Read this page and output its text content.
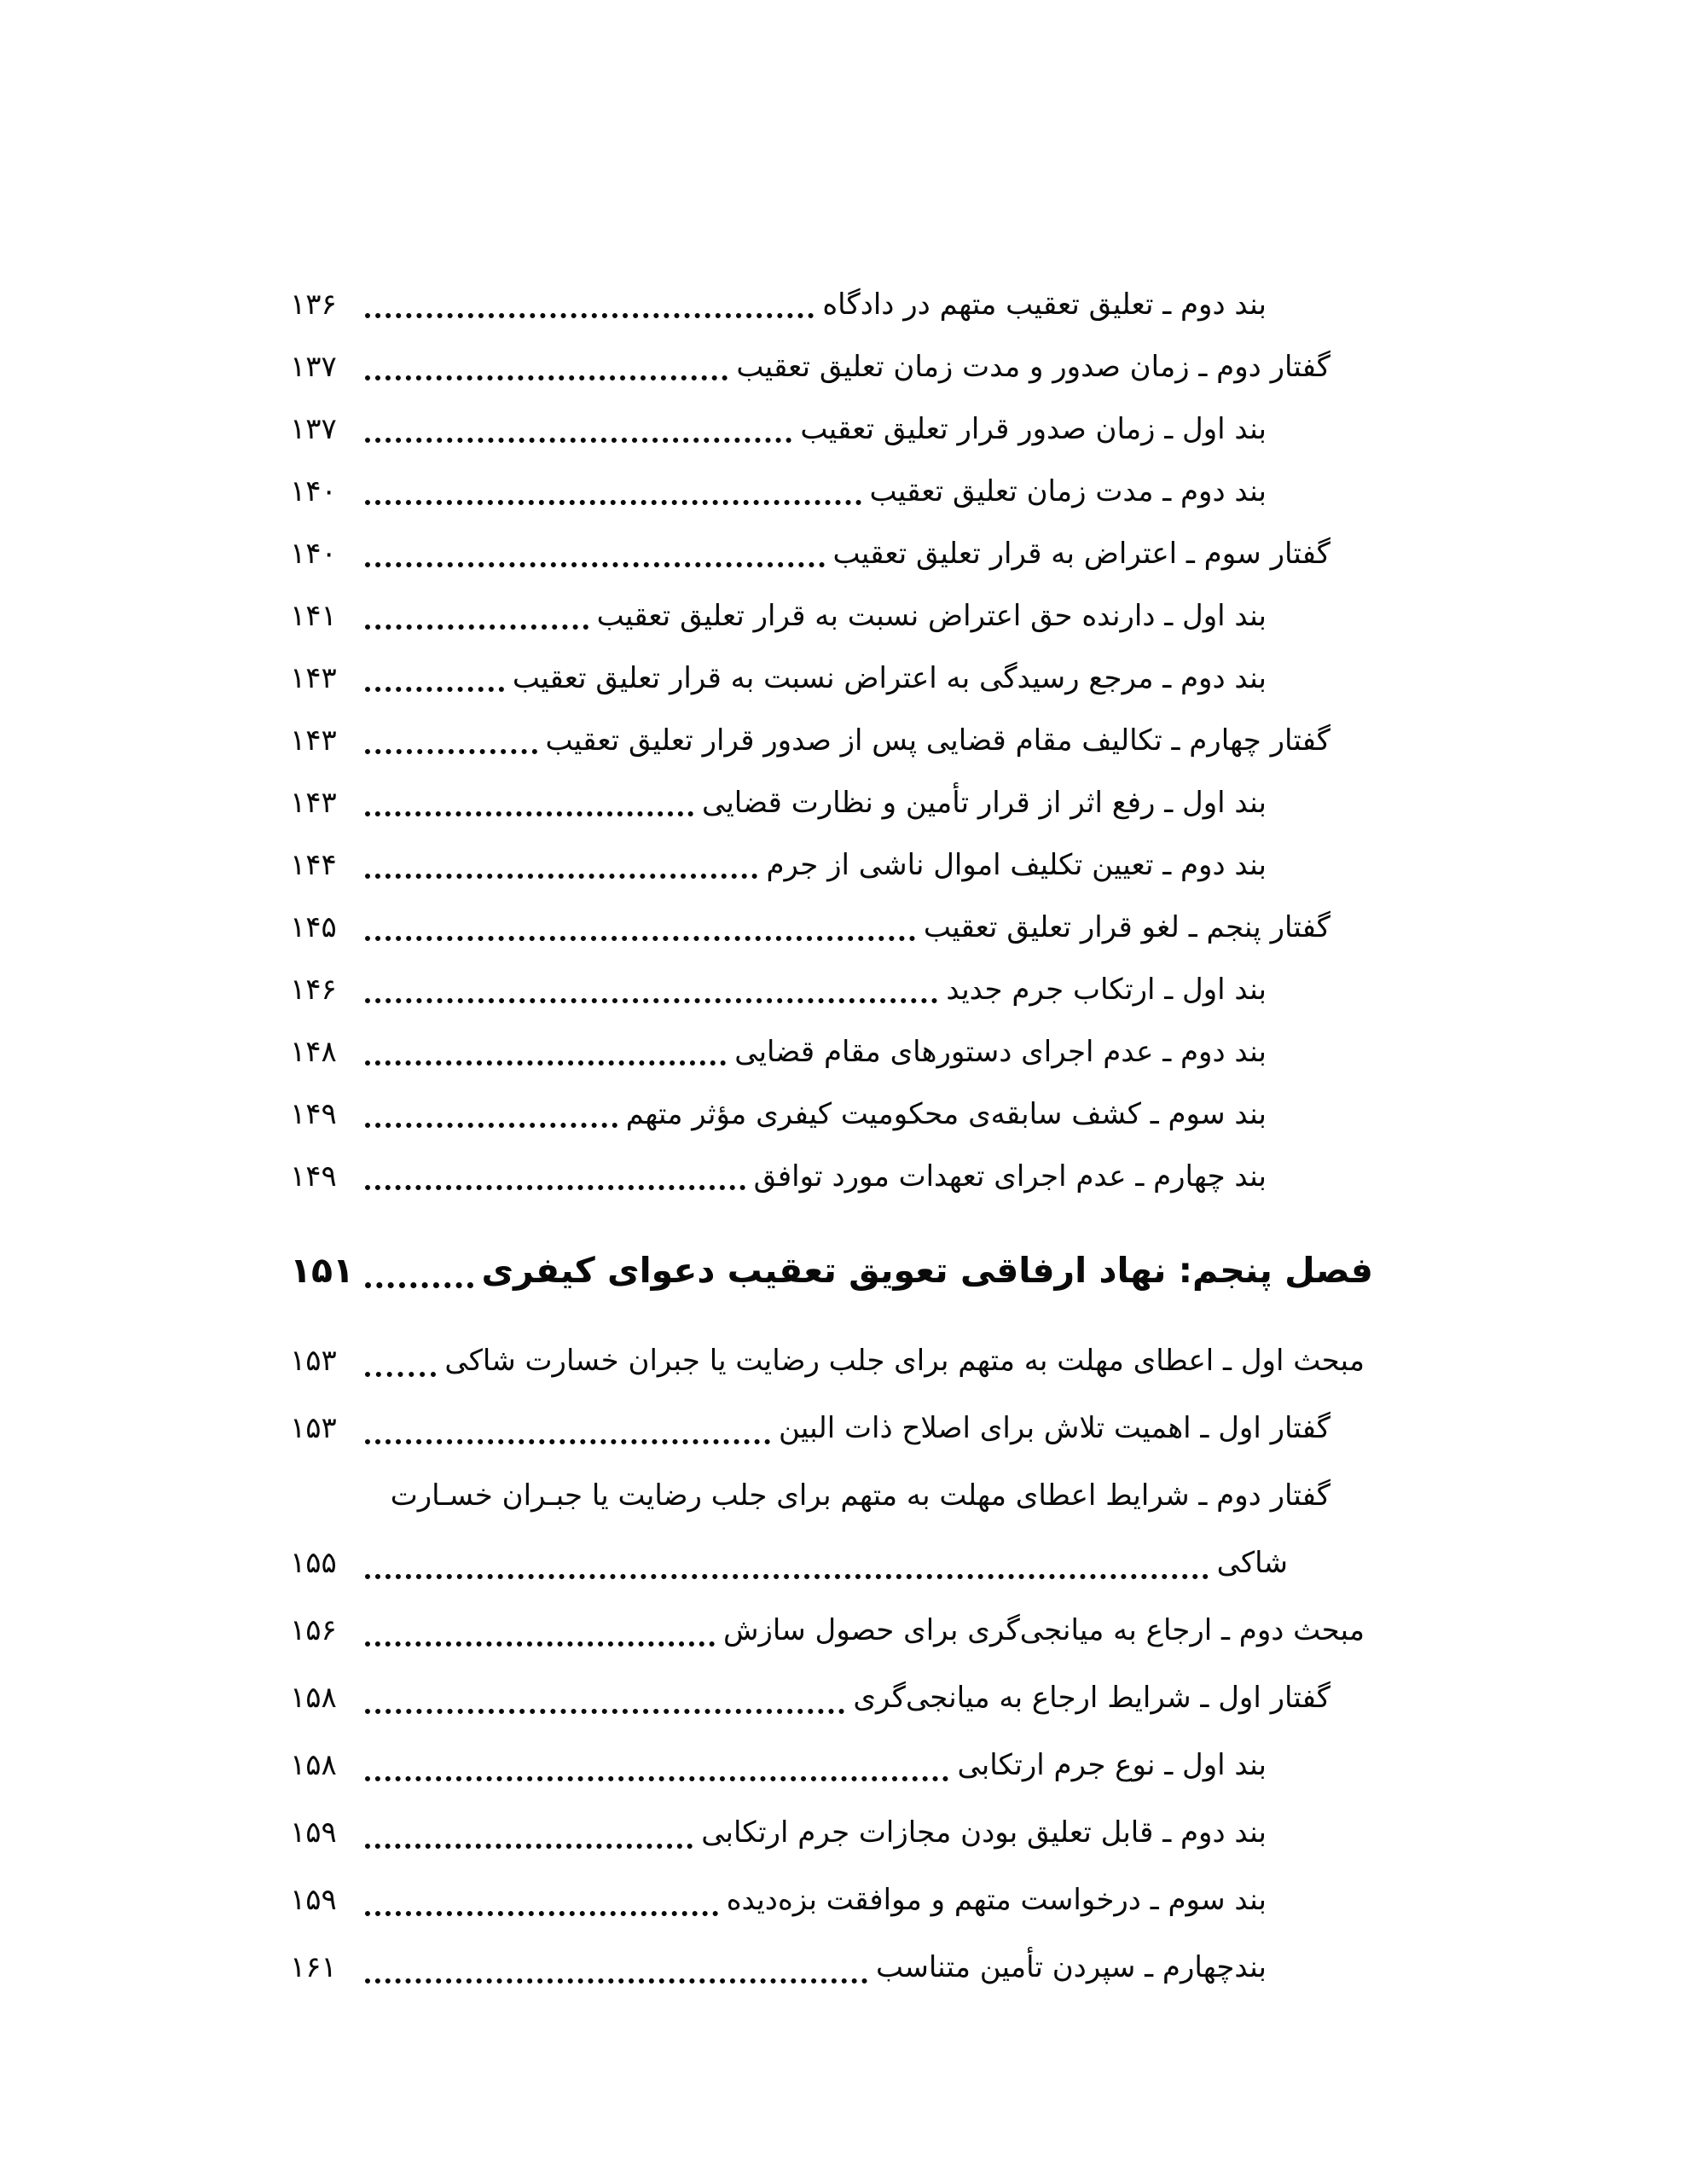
بند دوم ـ تعلیق تعقیب متهم در دادگاه
۱۳۶
گفتار دوم ـ زمان صدور و مدت زمان تعلیق تعقیب
۱۳۷
بند اول ـ زمان صدور قرار تعلیق تعقیب
۱۳۷
بند دوم ـ مدت زمان تعلیق تعقیب
۱۴۰
گفتار سوم ـ اعتراض به قرار تعلیق تعقیب
۱۴۰
بند اول ـ دارنده حق اعتراض نسبت به قرار تعلیق تعقیب
۱۴۱
بند دوم ـ مرجع رسیدگی به اعتراض نسبت به قرار تعلیق تعقیب
۱۴۳
گفتار چهارم ـ تکالیف مقام قضایی پس از صدور قرار تعلیق تعقیب
۱۴۳
بند اول ـ رفع اثر از قرار تأمین و نظارت قضایی
۱۴۳
بند دوم ـ تعیین تکلیف اموال ناشی از جرم
۱۴۴
گفتار پنجم ـ لغو قرار تعلیق تعقیب
۱۴۵
بند اول ـ ارتکاب جرم جدید
۱۴۶
بند دوم ـ عدم اجرای دستورهای مقام قضایی
۱۴۸
بند سوم ـ کشف سابقه‌ی محکومیت کیفری مؤثر متهم
۱۴۹
بند چهارم ـ عدم اجرای تعهدات مورد توافق
۱۴۹
فصل پنجم: نهاد ارفاقی تعویق تعقیب دعوای کیفری
۱۵۱
مبحث اول ـ اعطای مهلت به متهم برای جلب رضایت یا جبران خسارت شاکی
۱۵۳
گفتار اول ـ اهمیت تلاش برای اصلاح ذات البین
۱۵۳
گفتار دوم ـ شرایط اعطای مهلت به متهم برای جلب رضایت یا جبـران خسـارت
شاکی
۱۵۵
مبحث دوم ـ ارجاع به میانجی‌گری برای حصول سازش
۱۵۶
گفتار اول ـ شرایط ارجاع به میانجی‌گری
۱۵۸
بند اول ـ نوع جرم ارتکابی
۱۵۸
بند دوم ـ قابل تعلیق بودن مجازات جرم ارتکابی
۱۵۹
بند سوم ـ درخواست متهم و موافقت بزه‌دیده
۱۵۹
بندچهارم ـ سپردن تأمین متناسب
۱۶۱
